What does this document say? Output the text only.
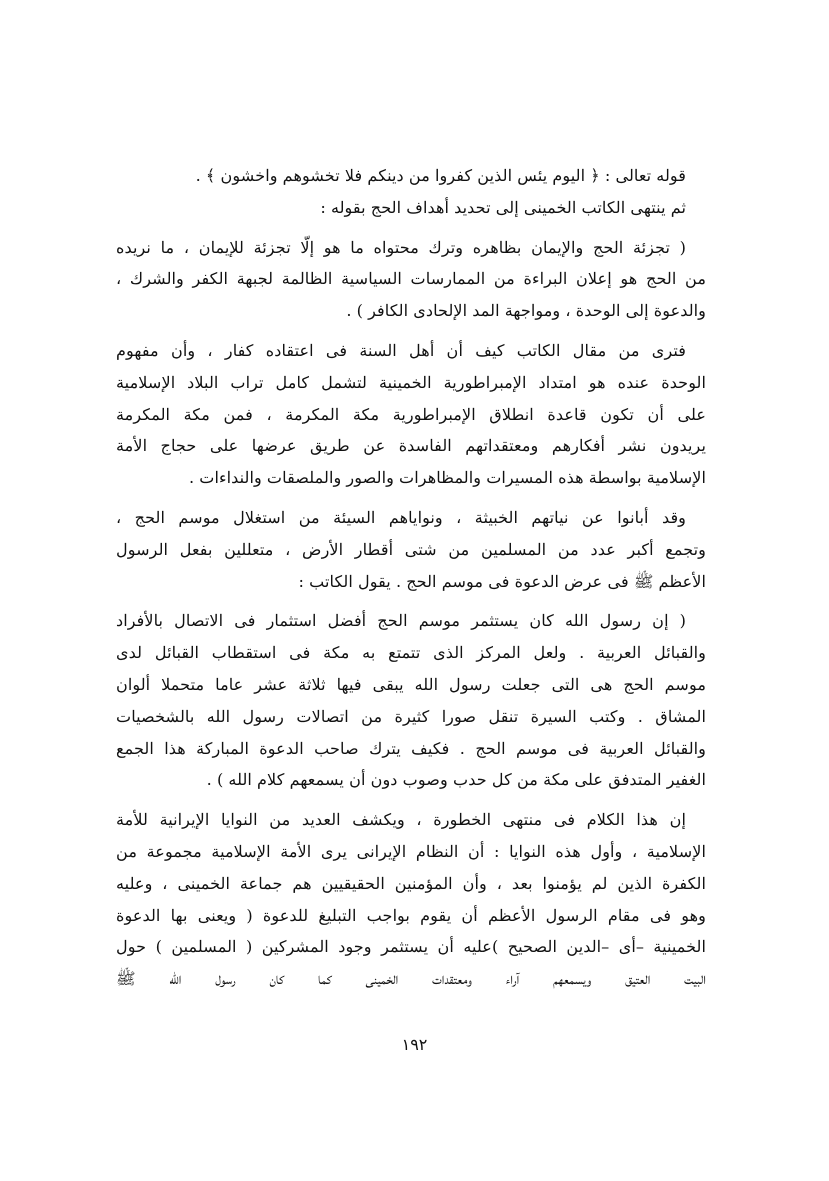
قوله تعالى : ﴿ اليوم يئس الذين كفروا من دينكم فلا تخشوهم واخشون ﴾ .

ثم ينتهى الكاتب الخمينى إلى تحديد أهداف الحج بقوله :

( تجزئة الحج والإيمان بظاهره وترك محتواه ما هو إلّا تجزئة للإيمان ، ما نريده
من الحج هو إعلان البراءة من الممارسات السياسية الظالمة لجبهة الكفر والشرك ،
والدعوة إلى الوحدة ، ومواجهة المد الإلحادى الكافر ) .

فترى من مقال الكاتب كيف أن أهل السنة فى اعتقاده كفار ، وأن مفهوم
الوحدة عنده هو امتداد الإمبراطورية الخمينية لتشمل كامل تراب البلاد الإسلامية
على أن تكون قاعدة انطلاق الإمبراطورية مكة المكرمة ، فمن مكة المكرمة
يريدون نشر أفكارهم ومعتقداتهم الفاسدة عن طريق عرضها على حجاج الأمة
الإسلامية بواسطة هذه المسيرات والمظاهرات والصور والملصقات والنداءات .

وقد أبانوا عن نياتهم الخبيثة ، ونواياهم السيئة من استغلال موسم الحج ،
وتجمع أكبر عدد من المسلمين من شتى أقطار الأرض ، متعللين بفعل الرسول
الأعظم ﷺ فى عرض الدعوة فى موسم الحج . يقول الكاتب :

( إن رسول الله كان يستثمر موسم الحج أفضل استثمار فى الاتصال بالأفراد
والقبائل العربية . ولعل المركز الذى تتمتع به مكة فى استقطاب القبائل لدى
موسم الحج هى التى جعلت رسول الله يبقى فيها ثلاثة عشر عاما متحملا ألوان
المشاق . وكتب السيرة تنقل صورا كثيرة من اتصالات رسول الله بالشخصيات
والقبائل العربية فى موسم الحج . فكيف يترك صاحب الدعوة المباركة هذا الجمع
الغفير المتدفق على مكة من كل حدب وصوب دون أن يسمعهم كلام الله ) .

إن هذا الكلام فى منتهى الخطورة ، ويكشف العديد من النوايا الإيرانية للأمة
الإسلامية ، وأول هذه النوايا : أن النظام الإيرانى يرى الأمة الإسلامية مجموعة من
الكفرة الذين لم يؤمنوا بعد ، وأن المؤمنين الحقيقيين هم جماعة الخمينى ، وعليه
وهو فى مقام الرسول الأعظم أن يقوم بواجب التبليغ للدعوة ( ويعنى بها الدعوة
الخمينية –أى –الدين الصحيح )عليه أن يستثمر وجود المشركين ( المسلمين ) حول
البيت العتيق ويسمعهم آراء ومعتقدات الخمينى كما كان رسول الله ﷺ

١٩٢
